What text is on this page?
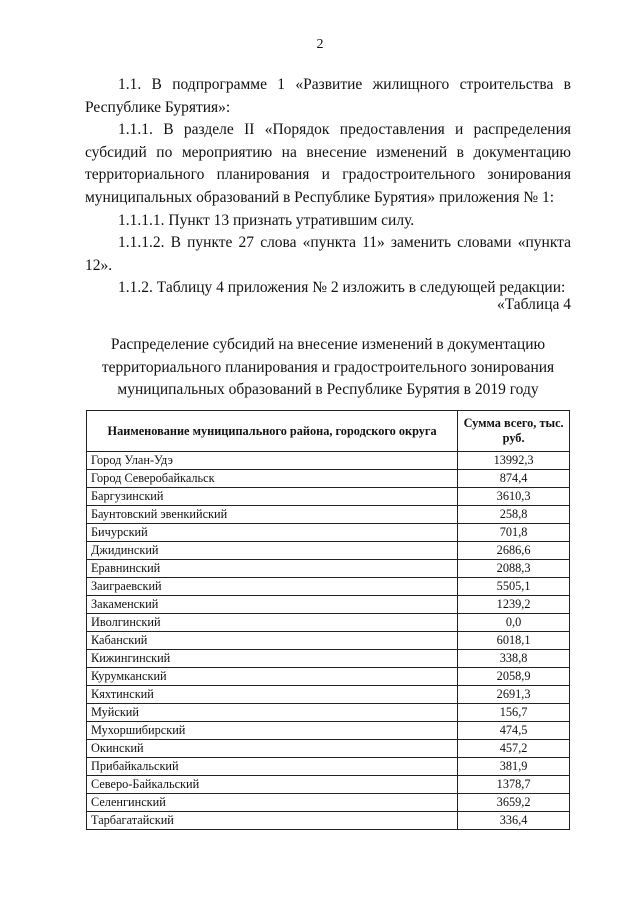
2

1.1. В подпрограмме 1 «Развитие жилищного строительства в Республике Бурятия»:

1.1.1. В разделе II «Порядок предоставления и распределения субсидий по мероприятию на внесение изменений в документацию территориального планирования и градостроительного зонирования муниципальных образований в Республике Бурятия» приложения № 1:

1.1.1.1. Пункт 13 признать утратившим силу.

1.1.1.2. В пункте 27 слова «пункта 11» заменить словами «пункта 12».

1.1.2. Таблицу 4 приложения № 2 изложить в следующей редакции:

«Таблица 4
Распределение субсидий на внесение изменений в документацию территориального планирования и градостроительного зонирования муниципальных образований в Республике Бурятия в 2019 году
Наименование муниципального района, городского округа	Сумма всего, тыс. руб.
Город Улан-Удэ	13992,3
Город Северобайкальск	874,4
Баргузинский	3610,3
Баунтовский эвенкийский	258,8
Бичурский	701,8
Джидинский	2686,6
Еравнинский	2088,3
Заиграевский	5505,1
Закаменский	1239,2
Иволгинский	0,0
Кабанский	6018,1
Кижингинский	338,8
Курумканский	2058,9
Кяхтинский	2691,3
Муйский	156,7
Мухоршибирский	474,5
Окинский	457,2
Прибайкальский	381,9
Северо-Байкальский	1378,7
Селенгинский	3659,2
Тарбагатайский	336,4
